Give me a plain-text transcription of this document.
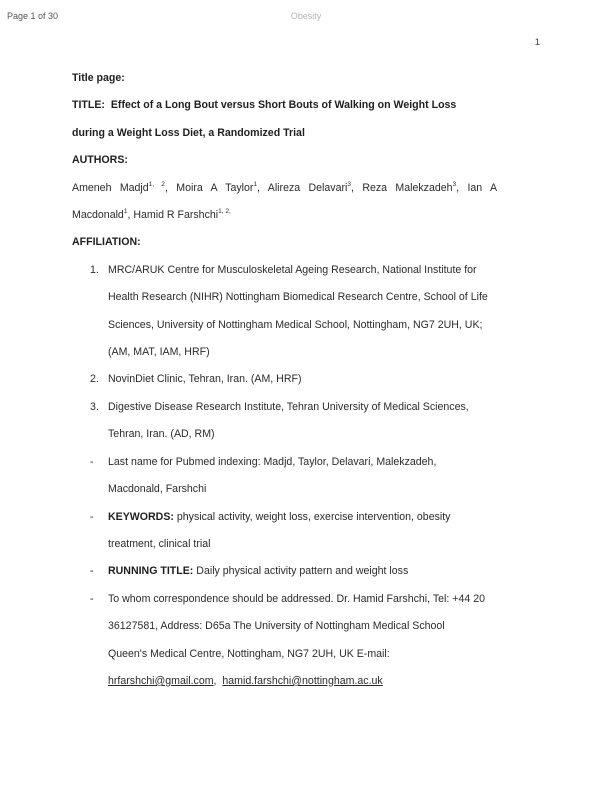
Page 1 of 30	Obesity
1
Title page:
TITLE: Effect of a Long Bout versus Short Bouts of Walking on Weight Loss
during a Weight Loss Diet, a Randomized Trial
AUTHORS:
Ameneh Madjd$^{1, 2}$, Moira A Taylor$^1$, Alireza Delavari$^3$, Reza Malekzadeh$^3$, Ian A Macdonald$^1$, Hamid R Farshchi$^{1, 2,}$
AFFILIATION:
1. MRC/ARUK Centre for Musculoskeletal Ageing Research, National Institute for
Health Research (NIHR) Nottingham Biomedical Research Centre, School of Life
Sciences, University of Nottingham Medical School, Nottingham, NG7 2UH, UK;
(AM, MAT, IAM, HRF)
2. NovinDiet Clinic, Tehran, Iran. (AM, HRF)
3. Digestive Disease Research Institute, Tehran University of Medical Sciences,
Tehran, Iran. (AD, RM)
- Last name for Pubmed indexing: Madjd, Taylor, Delavari, Malekzadeh,
Macdonald, Farshchi
- KEYWORDS: physical activity, weight loss, exercise intervention, obesity
treatment, clinical trial
- RUNNING TITLE: Daily physical activity pattern and weight loss
- To whom correspondence should be addressed. Dr. Hamid Farshchi, Tel: +44 20
36127581, Address: D65a The University of Nottingham Medical School
Queen's Medical Centre, Nottingham, NG7 2UH, UK E-mail:
hrfarshchi@gmail.com,  hamid.farshchi@nottingham.ac.uk
